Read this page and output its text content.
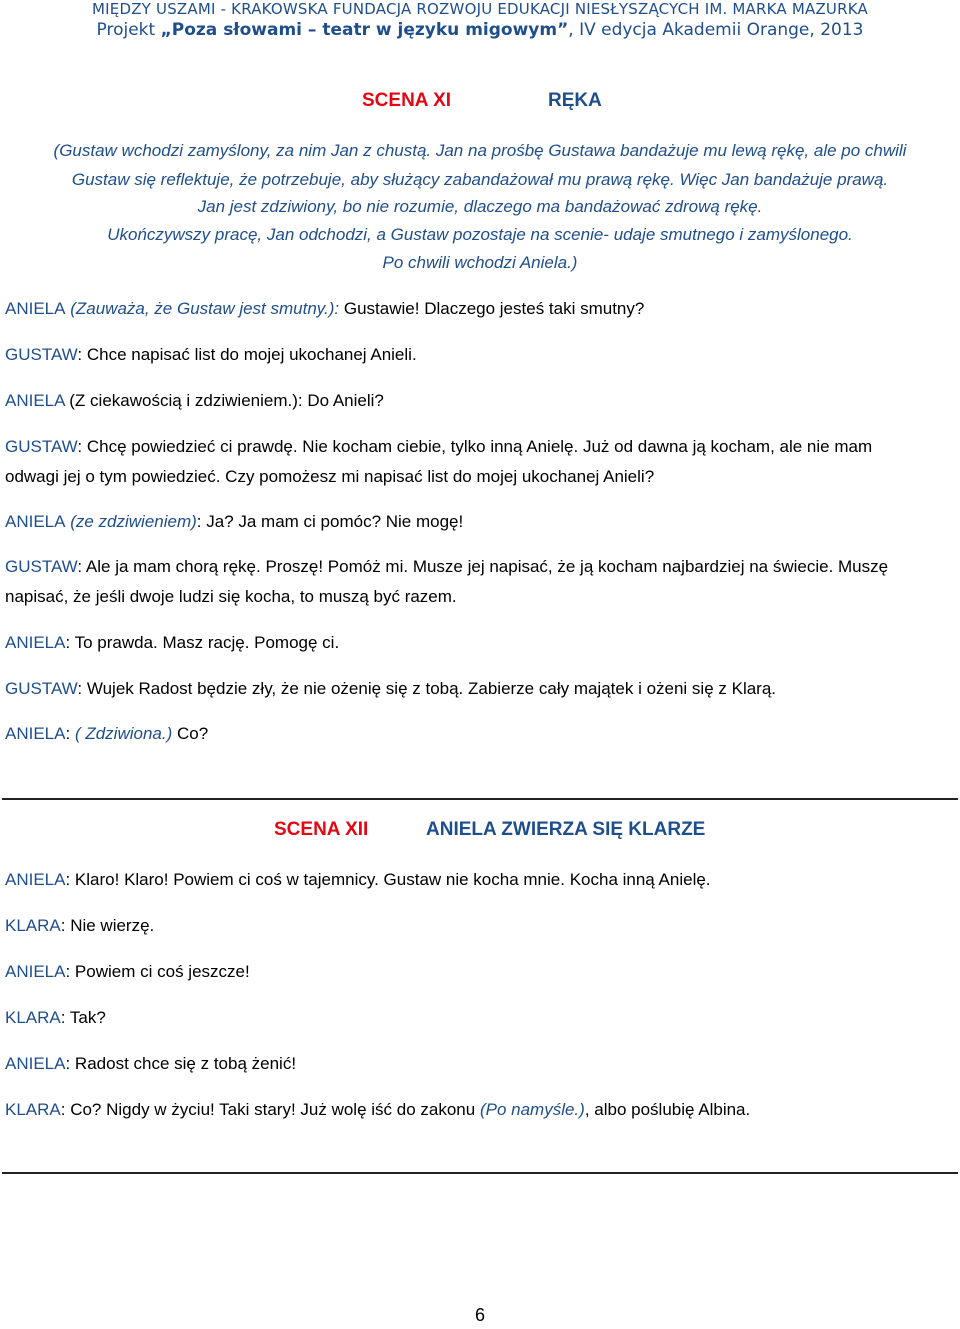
MIĘDZY USZAMI - KRAKOWSKA FUNDACJA ROZWOJU EDUKACJI NIESŁYSZĄCYCH IM. MARKA MAZURKA
Projekt „Poza słowami – teatr w języku migowym”, IV edycja Akademii Orange, 2013
SCENA XI	RĘKA
(Gustaw wchodzi zamyślony, za nim Jan z chustą. Jan na prośbę Gustawa bandażuje mu lewą rękę, ale po chwili
Gustaw się reflektuje, że potrzebuje, aby służący zabandażował mu prawą rękę. Więc Jan bandażuje prawą.
Jan jest zdziwiony, bo nie rozumie, dlaczego ma bandażować zdrową rękę.
Ukończywszy pracę, Jan odchodzi, a Gustaw pozostaje na scenie- udaje smutnego i zamyślonego.
Po chwili wchodzi Aniela.)
ANIELA (Zauważa, że Gustaw jest smutny.): Gustawie! Dlaczego jesteś taki smutny?
GUSTAW: Chce napisać list do mojej ukochanej Anieli.
ANIELA (Z ciekawością i zdziwieniem.): Do Anieli?
GUSTAW: Chcę powiedzieć ci prawdę. Nie kocham ciebie, tylko inną Anielę. Już od dawna ją kocham, ale nie mam
odwagi jej o tym powiedzieć. Czy pomożesz mi napisać list do mojej ukochanej Anieli?
ANIELA (ze zdziwieniem): Ja? Ja mam ci pomóc? Nie mogę!
GUSTAW: Ale ja mam chorą rękę. Proszę! Pomóż mi. Musze jej napisać, że ją kocham najbardziej na świecie. Muszę
napisać, że jeśli dwoje ludzi się kocha, to muszą być razem.
ANIELA: To prawda. Masz rację. Pomogę ci.
GUSTAW: Wujek Radost będzie zły, że nie ożenię się z tobą. Zabierze cały majątek i ożeni się z Klarą.
ANIELA: ( Zdziwiona.) Co?
SCENA XII	ANIELA ZWIERZA SIĘ KLARZE
ANIELA: Klaro! Klaro! Powiem ci coś w tajemnicy. Gustaw nie kocha mnie. Kocha inną Anielę.
KLARA: Nie wierzę.
ANIELA: Powiem ci coś jeszcze!
KLARA: Tak?
ANIELA: Radost chce się z tobą żenić!
KLARA: Co? Nigdy w życiu! Taki stary! Już wolę iść do zakonu (Po namyśle.), albo poślubię Albina.
6
